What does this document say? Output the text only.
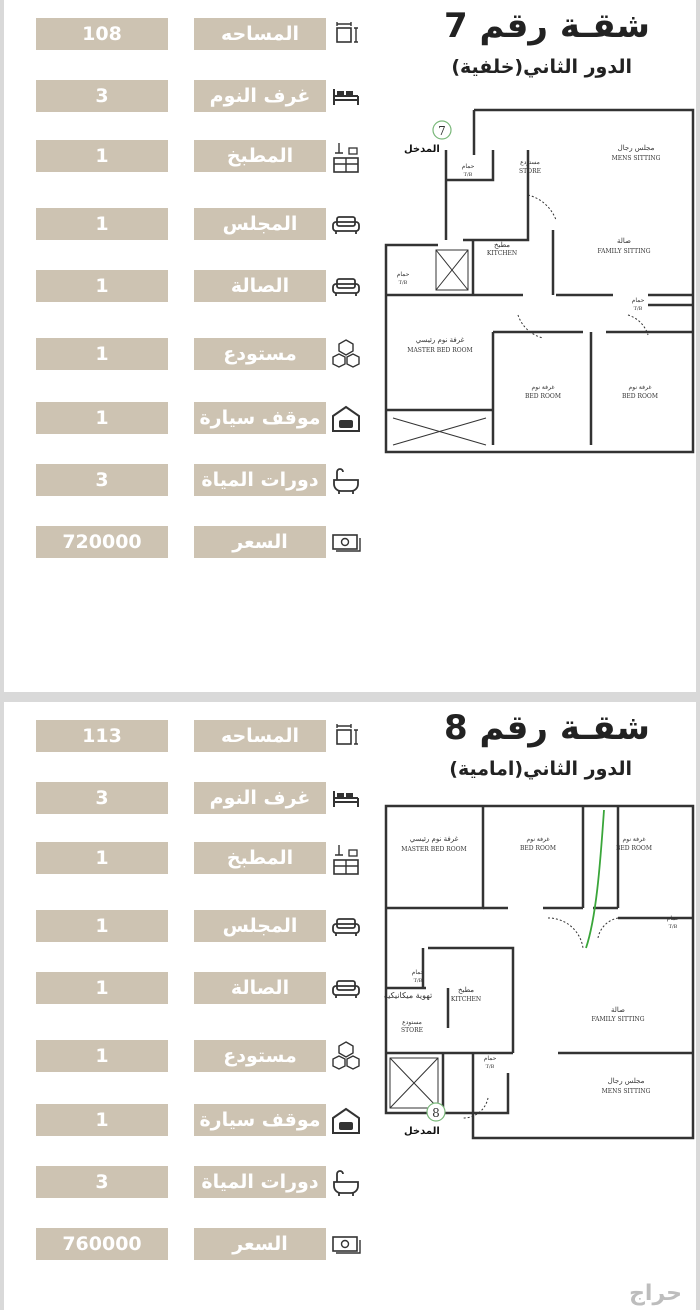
شقـة رقم 7
الدور الثاني(خلفية)
108	المساحه
3	غرف النوم
1	المطبخ
1	المجلس
1	الصالة
1	مستودع
1	موقف سيارة
3	دورات المياة
720000	السعر
7
مجلس رجال
MENS SITTING
مستودع
STORE
حمام
T/B
مطبخ
KITCHEN
صالة
FAMILY SITTING
حمام
T/B
حمام
T/B
غرفة نوم رئيسي
MASTER BED ROOM
غرفة نوم
BED ROOM
غرفة نوم
BED ROOM
المدخل
شقـة رقم 8
الدور الثاني(امامية)
113	المساحه
3	غرف النوم
1	المطبخ
1	المجلس
1	الصالة
1	مستودع
1	موقف سيارة
3	دورات المياة
760000	السعر
8
غرفة نوم رئيسي
MASTER BED ROOM
غرفة نوم
BED ROOM
غرفة نوم
BED ROOM
حمام
T/B
حمام
T/B
تهوية ميكانيكية
مطبخ
KITCHEN
مستودع
STORE
صالة
FAMILY SITTING
مجلس رجال
MENS SITTING
حمام
T/B
المدخل
حراج
